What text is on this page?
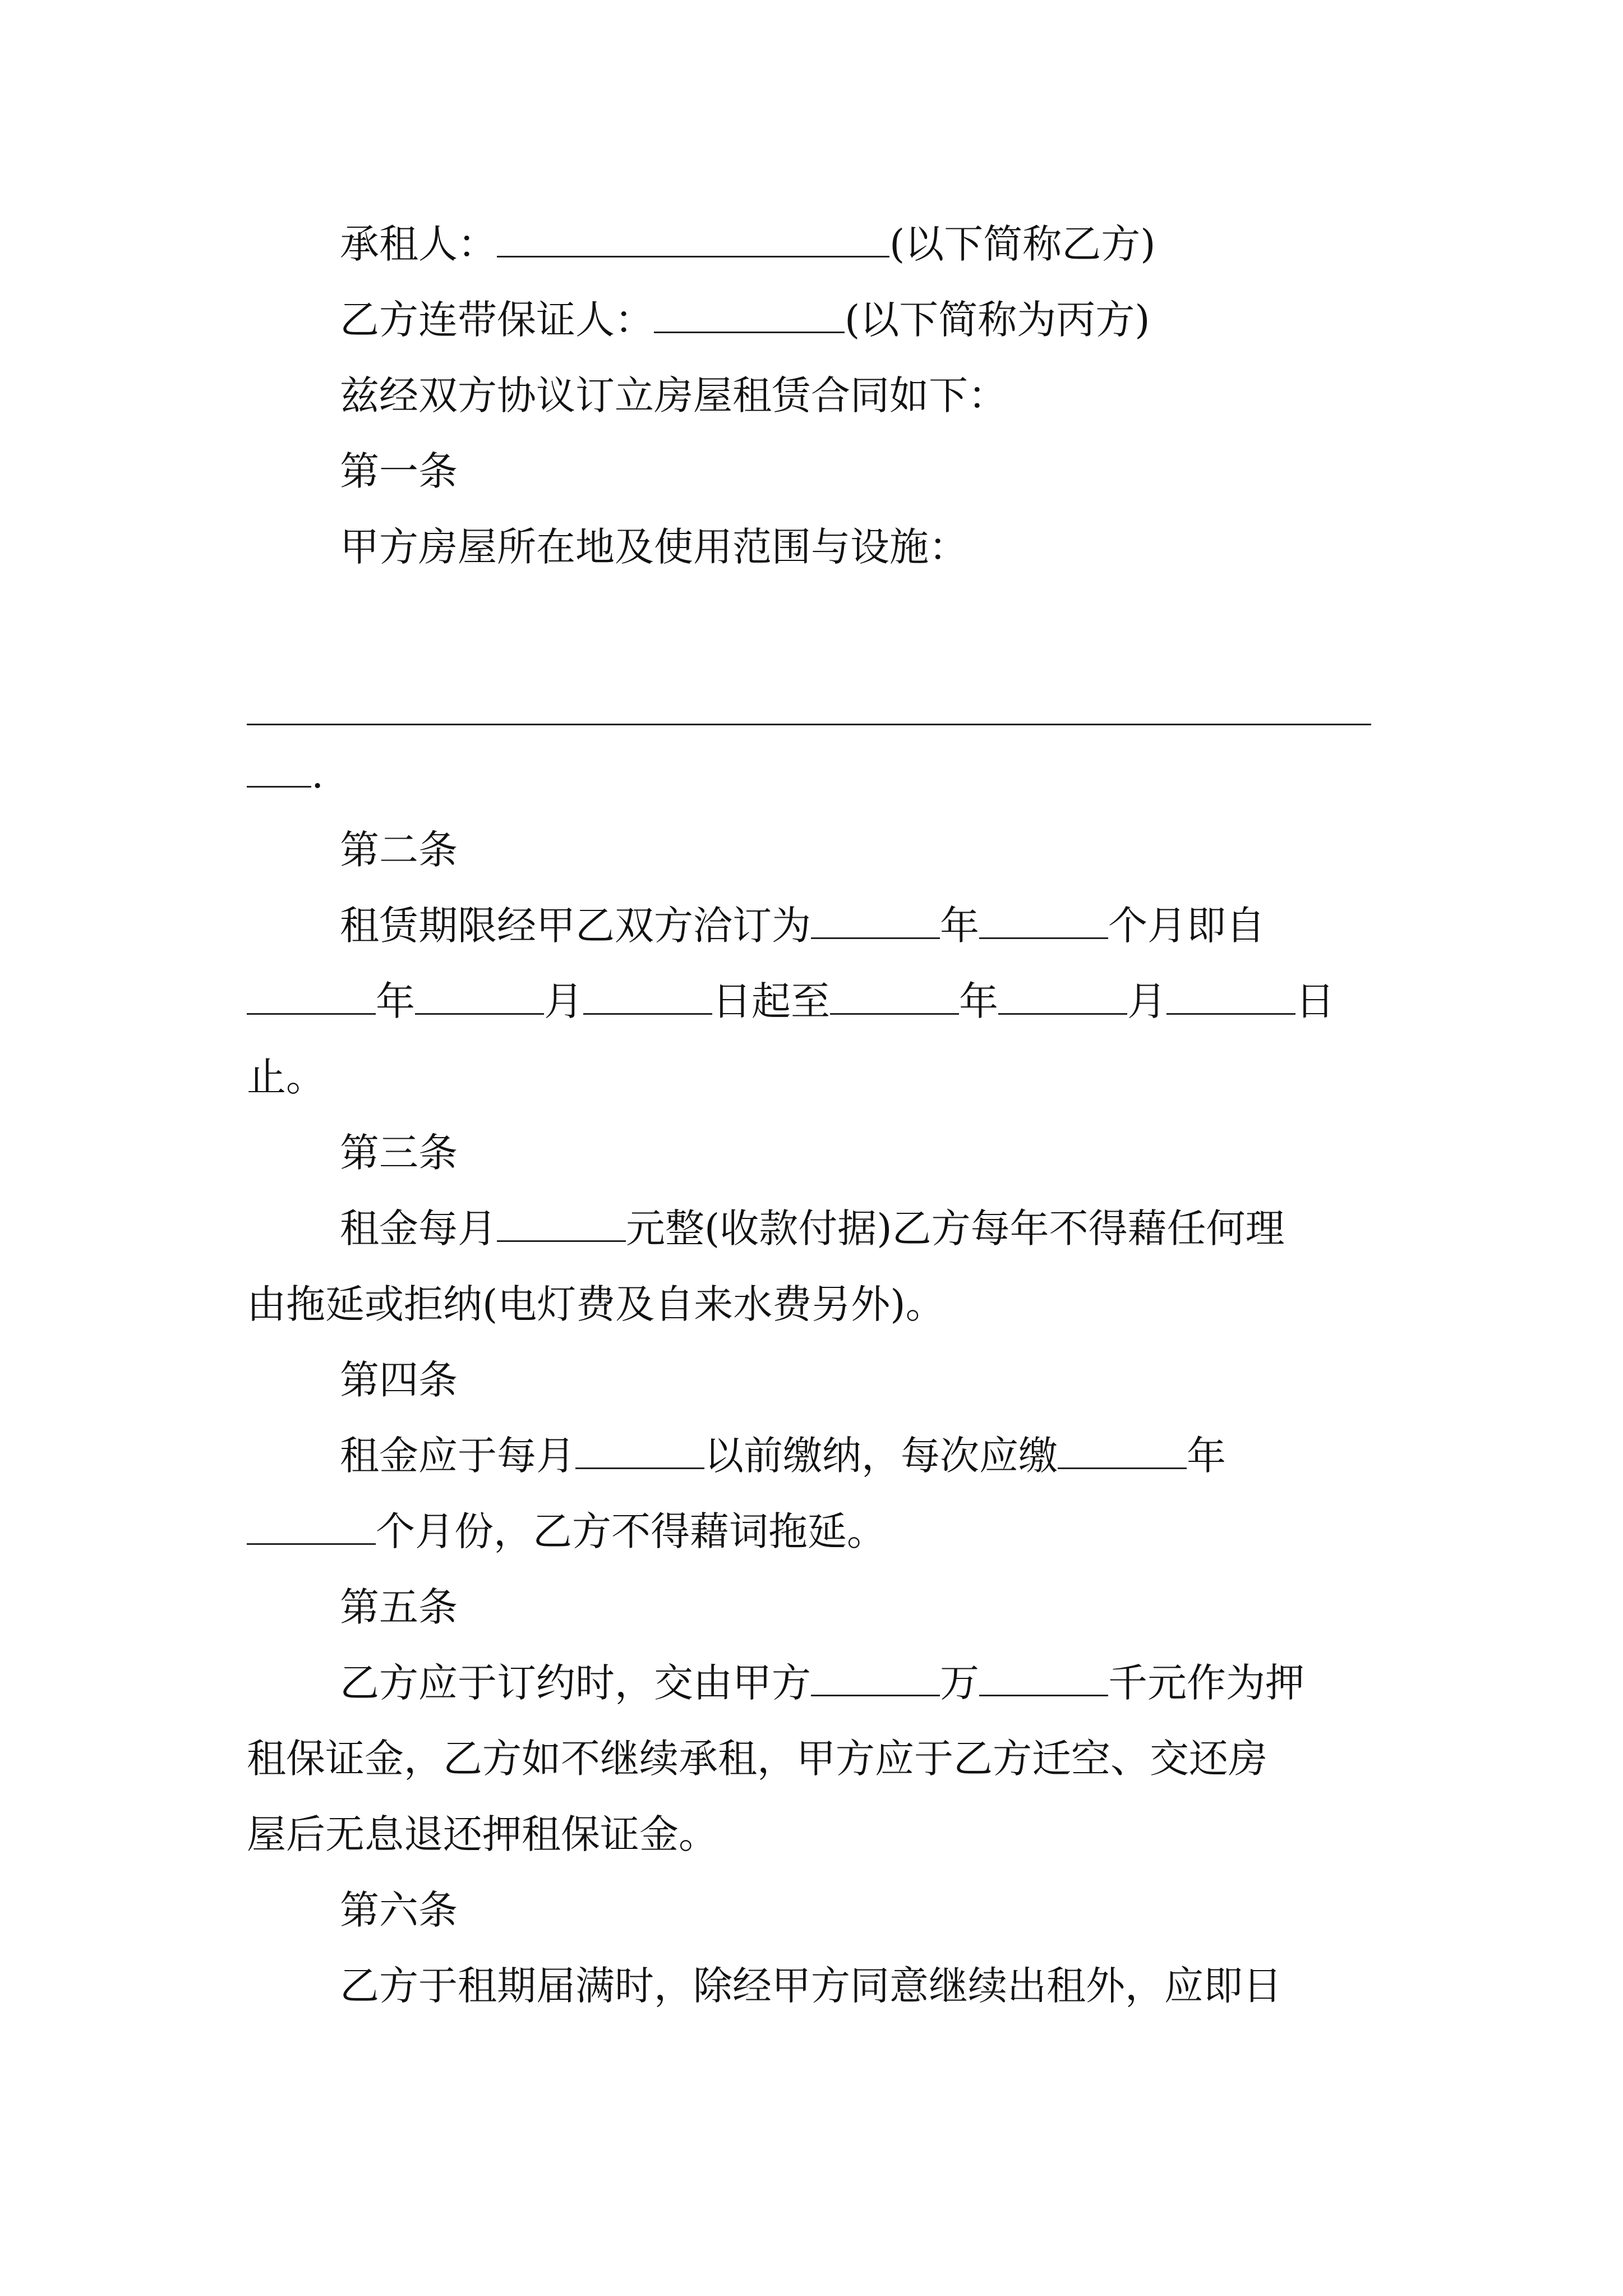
承租人：	(以下简称乙方)
乙方连带保证人：	(以下简称为丙方)
兹经双方协议订立房屋租赁合同如下：
第一条
甲方房屋所在地及使用范围与设施：
.
第二条
租赁期限经甲乙双方洽订为	年	个月即自
年	月	日起至	年	月	日
止。
第三条
租金每月	元整(收款付据)乙方每年不得藉任何理
由拖延或拒纳(电灯费及自来水费另外)。
第四条
租金应于每月	以前缴纳，每次应缴	年
个月份，乙方不得藉词拖延。
第五条
乙方应于订约时，交由甲方	万	千元作为押
租保证金，乙方如不继续承租，甲方应于乙方迁空、交还房
屋后无息退还押租保证金。
第六条
乙方于租期届满时，除经甲方同意继续出租外，应即日
